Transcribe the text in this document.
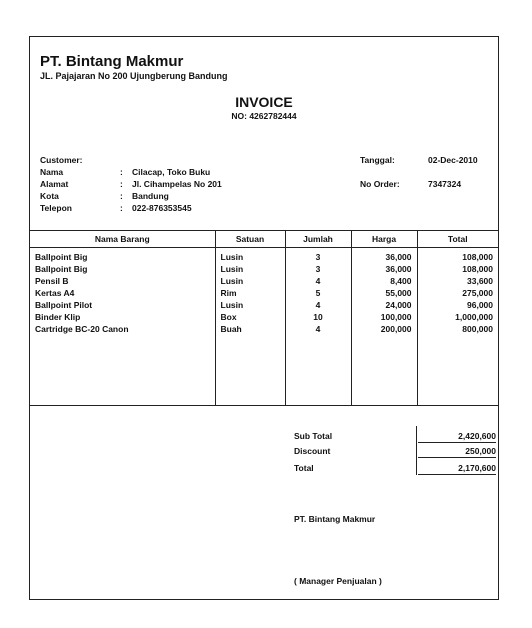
PT. Bintang Makmur
JL. Pajajaran No 200 Ujungberung Bandung
INVOICE
NO: 4262782444
Customer:
Nama	: Cilacap, Toko Buku
Alamat	: Jl. Cihampelas No 201
Kota	: Bandung
Telepon	: 022-876353545
Tanggal:	02-Dec-2010
No Order:	7347324
Nama Barang	Satuan	Jumlah	Harga	Total
Ballpoint Big	Lusin	3	36,000	108,000
Ballpoint Big	Lusin	3	36,000	108,000
Pensil B	Lusin	4	8,400	33,600
Kertas A4	Rim	5	55,000	275,000
Ballpoint Pilot	Lusin	4	24,000	96,000
Binder Klip	Box	10	100,000	1,000,000
Cartridge BC-20 Canon	Buah	4	200,000	800,000

Sub Total	2,420,600
Discount	250,000
Total	2,170,600
PT. Bintang Makmur
( Manager Penjualan )
